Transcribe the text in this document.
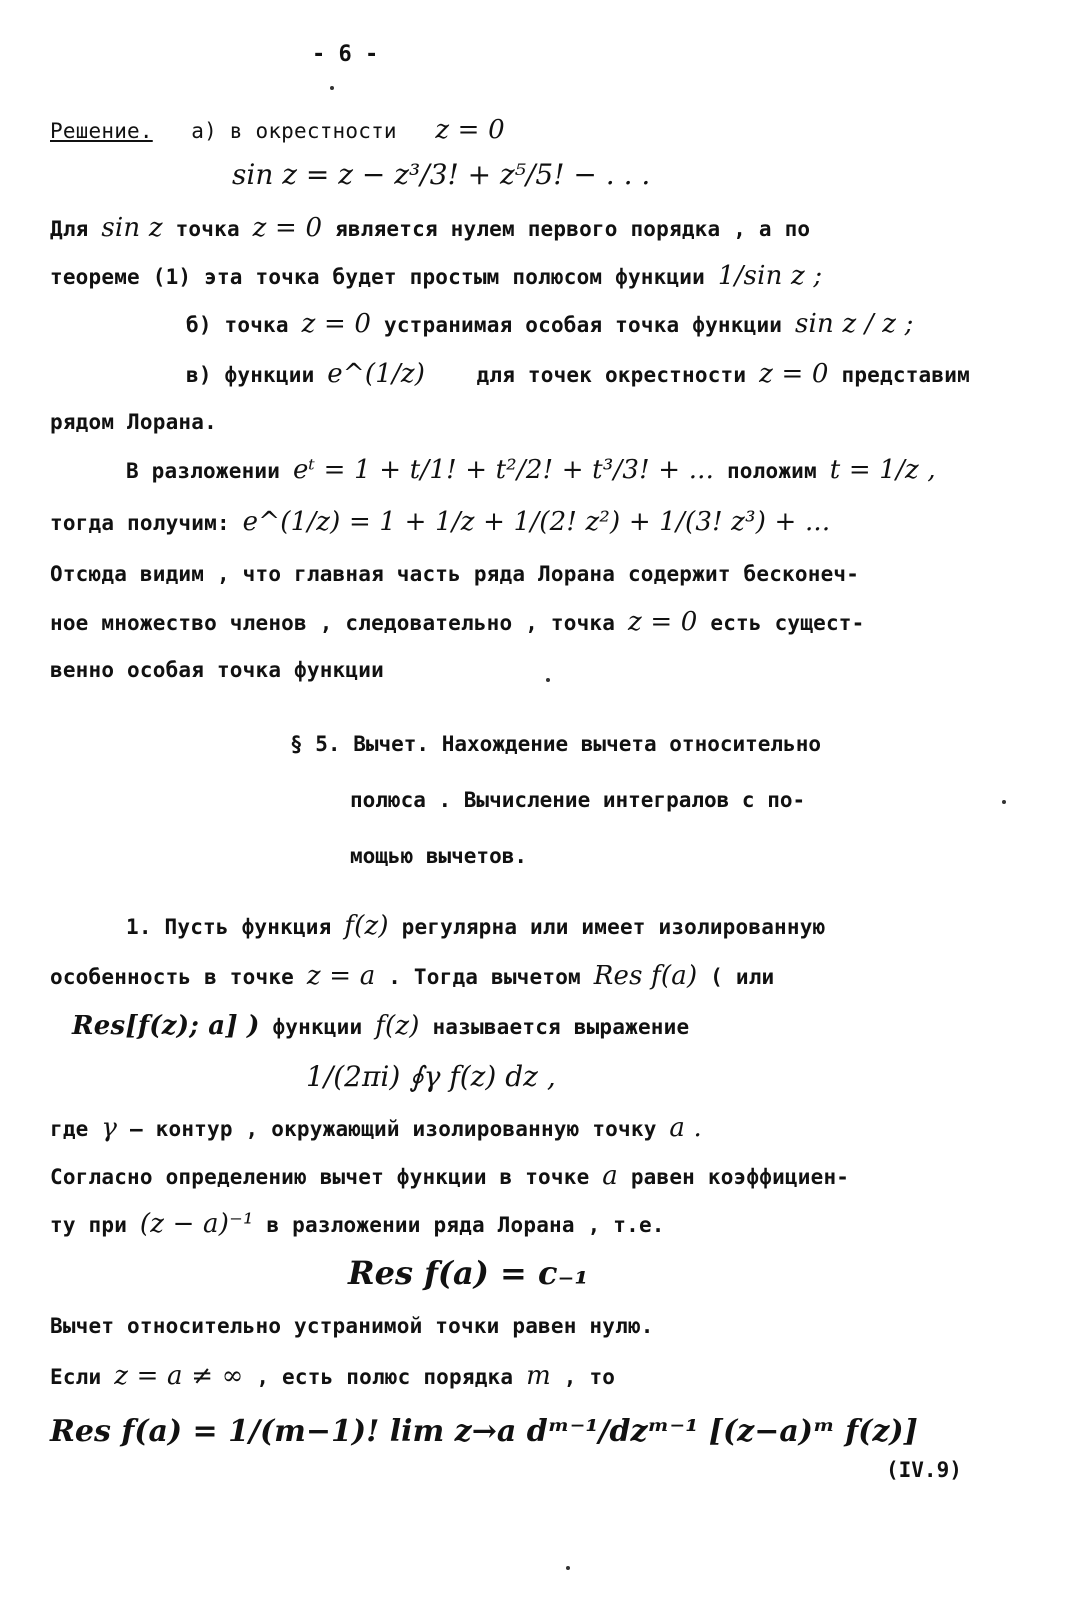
- 6 -
Решение. а) в окрестности z = 0
sin z = z − z³/3! + z⁵/5! − . . .
Для sin z точка z = 0 является нулем первого порядка , а по
теореме (1) эта точка будет простым полюсом функции 1/sin z ;
б) точка z = 0 устранимая особая точка функции sin z / z ;
в) функции e^(1/z) для точек окрестности z = 0 представим
рядом Лорана.
В разложении eᵗ = 1 + t/1! + t²/2! + t³/3! + ... положим t = 1/z ,
тогда получим: e^(1/z) = 1 + 1/z + 1/(2! z²) + 1/(3! z³) + ...
Отсюда видим , что главная часть ряда Лорана содержит бесконеч-
ное множество членов , следовательно , точка z = 0 есть сущест-
венно особая точка функции
§ 5. Вычет. Нахождение вычета относительно
полюса . Вычисление интегралов с по-
мощью вычетов.
1. Пусть функция f(z) регулярна или имеет изолированную
особенность в точке z = a . Тогда вычетом Res f(a) ( или
Res[f(z); a] ) функции f(z) называется выражение
1/(2πi) ∮γ f(z) dz ,
где γ – контур , окружающий изолированную точку a .
Согласно определению вычет функции в точке a равен коэффициен-
ту при (z − a)⁻¹ в разложении ряда Лорана , т.е.
Res f(a) = c₋₁
Вычет относительно устранимой точки равен нулю.
Если z = a ≠ ∞ , есть полюс порядка m , то
Res f(a) = 1/(m−1)! lim z→a dᵐ⁻¹/dzᵐ⁻¹ [(z−a)ᵐ f(z)]
(IV.9)
